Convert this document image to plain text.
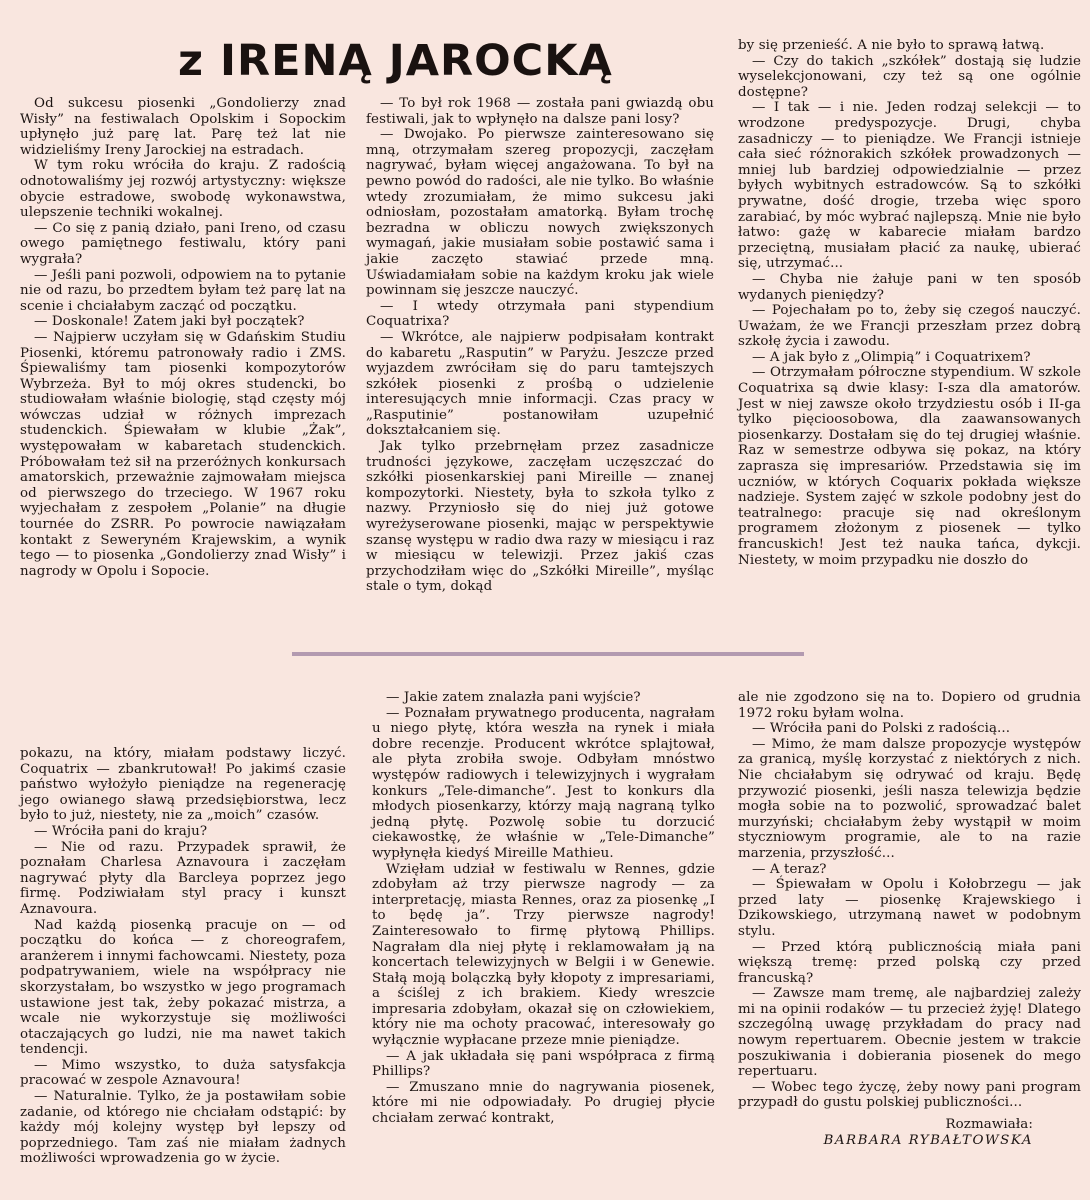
z IRENĄ JAROCKĄ

Od sukcesu piosenki „Gondolierzy znad Wisły” na festiwalach Opolskim i Sopockim upłynęło już parę lat. Parę też lat nie widzieliśmy Ireny Jarockiej na estradach.

W tym roku wróciła do kraju. Z radością odnotowaliśmy jej rozwój artystyczny: większe obycie estradowe, swobodę wykonawstwa, ulepszenie techniki wokalnej.

— Co się z panią działo, pani Ireno, od czasu owego pamiętnego festiwalu, który pani wygrała?

— Jeśli pani pozwoli, odpowiem na to pytanie nie od razu, bo przedtem byłam też parę lat na scenie i chciałabym zacząć od początku.

— Doskonale! Zatem jaki był początek?

— Najpierw uczyłam się w Gdańskim Studiu Piosenki, któremu patronowały radio i ZMS. Śpiewaliśmy tam piosenki kompozytorów Wybrzeża. Był to mój okres studencki, bo studiowałam właśnie biologię, stąd częsty mój wówczas udział w różnych imprezach studenckich. Śpiewałam w klubie „Żak”, występowałam w kabaretach studenckich. Próbowałam też sił na przeróżnych konkursach amatorskich, przeważnie zajmowałam miejsca od pierwszego do trzeciego. W 1967 roku wyjechałam z zespołem „Polanie” na długie tournée do ZSRR. Po powrocie nawiązałam kontakt z Seweryném Krajewskim, a wynik tego — to piosenka „Gondolierzy znad Wisły” i nagrody w Opolu i Sopocie.

— To był rok 1968 — została pani gwiazdą obu festiwali, jak to wpłynęło na dalsze pani losy?

— Dwojako. Po pierwsze zainteresowano się mną, otrzymałam szereg propozycji, zaczęłam nagrywać, byłam więcej angażowana. To był na pewno powód do radości, ale nie tylko. Bo właśnie wtedy zrozumiałam, że mimo sukcesu jaki odniosłam, pozostałam amatorką. Byłam trochę bezradna w obliczu nowych zwiększonych wymagań, jakie musiałam sobie postawić sama i jakie zaczęto stawiać przede mną. Uświadamiałam sobie na każdym kroku jak wiele powinnam się jeszcze nauczyć.

— I wtedy otrzymała pani stypendium Coquatrixa?

— Wkrótce, ale najpierw podpisałam kontrakt do kabaretu „Rasputin” w Paryżu. Jeszcze przed wyjazdem zwróciłam się do paru tamtejszych szkółek piosenki z prośbą o udzielenie interesujących mnie informacji. Czas pracy w „Rasputinie” postanowiłam uzupełnić dokształcaniem się.

Jak tylko przebrnęłam przez zasadnicze trudności językowe, zaczęłam uczęszczać do szkółki piosenkarskiej pani Mireille — znanej kompozytorki. Niestety, była to szkoła tylko z nazwy. Przyniosło się do niej już gotowe wyreżyserowane piosenki, mając w perspektywie szansę występu w radio dwa razy w miesiącu i raz w miesiącu w telewizji. Przez jakiś czas przychodziłam więc do „Szkółki Mireille”, myśląc stale o tym, dokąd

by się przenieść. A nie było to sprawą łatwą.

— Czy do takich „szkółek” dostają się ludzie wyselekcjonowani, czy też są one ogólnie dostępne?

— I tak — i nie. Jeden rodzaj selekcji — to wrodzone predyspozycje. Drugi, chyba zasadniczy — to pieniądze. We Francji istnieje cała sieć różnorakich szkółek prowadzonych — mniej lub bardziej odpowiedzialnie — przez byłych wybitnych estradowców. Są to szkółki prywatne, dość drogie, trzeba więc sporo zarabiać, by móc wybrać najlepszą. Mnie nie było łatwo: gażę w kabarecie miałam bardzo przeciętną, musiałam płacić za naukę, ubierać się, utrzymać...

— Chyba nie żałuje pani w ten sposób wydanych pieniędzy?

— Pojechałam po to, żeby się czegoś nauczyć. Uważam, że we Francji przeszłam przez dobrą szkołę życia i zawodu.

— A jak było z „Olimpią” i Coquatrixem?

— Otrzymałam półroczne stypendium. W szkole Coquatrixa są dwie klasy: I-sza dla amatorów. Jest w niej zawsze około trzydziestu osób i II-ga tylko pięcioosobowa, dla zaawansowanych piosenkarzy. Dostałam się do tej drugiej właśnie. Raz w semestrze odbywa się pokaz, na który zaprasza się impresariów. Przedstawia się im uczniów, w których Coquarix pokłada większe nadzieje. System zajęć w szkole podobny jest do teatralnego: pracuje się nad określonym programem złożonym z piosenek — tylko francuskich! Jest też nauka tańca, dykcji. Niestety, w moim przypadku nie doszło do

pokazu, na który, miałam podstawy liczyć. Coquatrix — zbankrutował! Po jakimś czasie państwo wyłożyło pieniądze na regenerację jego owianego sławą przedsiębiorstwa, lecz było to już, niestety, nie za „moich” czasów.

— Wróciła pani do kraju?

— Nie od razu. Przypadek sprawił, że poznałam Charlesa Aznavoura i zaczęłam nagrywać płyty dla Barcleya poprzez jego firmę. Podziwiałam styl pracy i kunszt Aznavoura.

Nad każdą piosenką pracuje on — od początku do końca — z choreografem, aranżerem i innymi fachowcami. Niestety, poza podpatrywaniem, wiele na współpracy nie skorzystałam, bo wszystko w jego programach ustawione jest tak, żeby pokazać mistrza, a wcale nie wykorzystuje się możliwości otaczających go ludzi, nie ma nawet takich tendencji.

— Mimo wszystko, to duża satysfakcja pracować w zespole Aznavoura!

— Naturalnie. Tylko, że ja postawiłam sobie zadanie, od którego nie chciałam odstąpić: by każdy mój kolejny występ był lepszy od poprzedniego. Tam zaś nie miałam żadnych możliwości wprowadzenia go w życie.

— Jakie zatem znalazła pani wyjście?

— Poznałam prywatnego producenta, nagrałam u niego płytę, która weszła na rynek i miała dobre recenzje. Producent wkrótce splajtował, ale płyta zrobiła swoje. Odbyłam mnóstwo występów radiowych i telewizyjnych i wygrałam konkurs „Tele-dimanche”. Jest to konkurs dla młodych piosenkarzy, którzy mają nagraną tylko jedną płytę. Pozwolę sobie tu dorzucić ciekawostkę, że właśnie w „Tele-Dimanche” wypłynęła kiedyś Mireille Mathieu.

Wzięłam udział w festiwalu w Rennes, gdzie zdobyłam aż trzy pierwsze nagrody — za interpretację, miasta Rennes, oraz za piosenkę „I to będę ja”. Trzy pierwsze nagrody! Zainteresowało to firmę płytową Phillips. Nagrałam dla niej płytę i reklamowałam ją na koncertach telewizyjnych w Belgii i w Genewie. Stałą moją bolączką były kłopoty z impresariami, a ściślej z ich brakiem. Kiedy wreszcie impresaria zdobyłam, okazał się on człowiekiem, który nie ma ochoty pracować, interesowały go wyłącznie wypłacane przeze mnie pieniądze.

— A jak układała się pani współpraca z firmą Phillips?

— Zmuszano mnie do nagrywania piosenek, które mi nie odpowiadały. Po drugiej płycie chciałam zerwać kontrakt,

ale nie zgodzono się na to. Dopiero od grudnia 1972 roku byłam wolna.

— Wróciła pani do Polski z radością...

— Mimo, że mam dalsze propozycje występów za granicą, myślę korzystać z niektórych z nich. Nie chciałabym się odrywać od kraju. Będę przywozić piosenki, jeśli nasza telewizja będzie mogła sobie na to pozwolić, sprowadzać balet murzyński; chciałabym żeby wystąpił w moim styczniowym programie, ale to na razie marzenia, przyszłość...

— A teraz?

— Śpiewałam w Opolu i Kołobrzegu — jak przed laty — piosenkę Krajewskiego i Dzikowskiego, utrzymaną nawet w podobnym stylu.

— Przed którą publicznością miała pani większą tremę: przed polską czy przed francuską?

— Zawsze mam tremę, ale najbardziej zależy mi na opinii rodaków — tu przecież żyję! Dlatego szczególną uwagę przykładam do pracy nad nowym repertuarem. Obecnie jestem w trakcie poszukiwania i dobierania piosenek do mego repertuaru.

— Wobec tego życzę, żeby nowy pani program przypadł do gustu polskiej publiczności...

Rozmawiała:
BARBARA RYBAŁTOWSKA
